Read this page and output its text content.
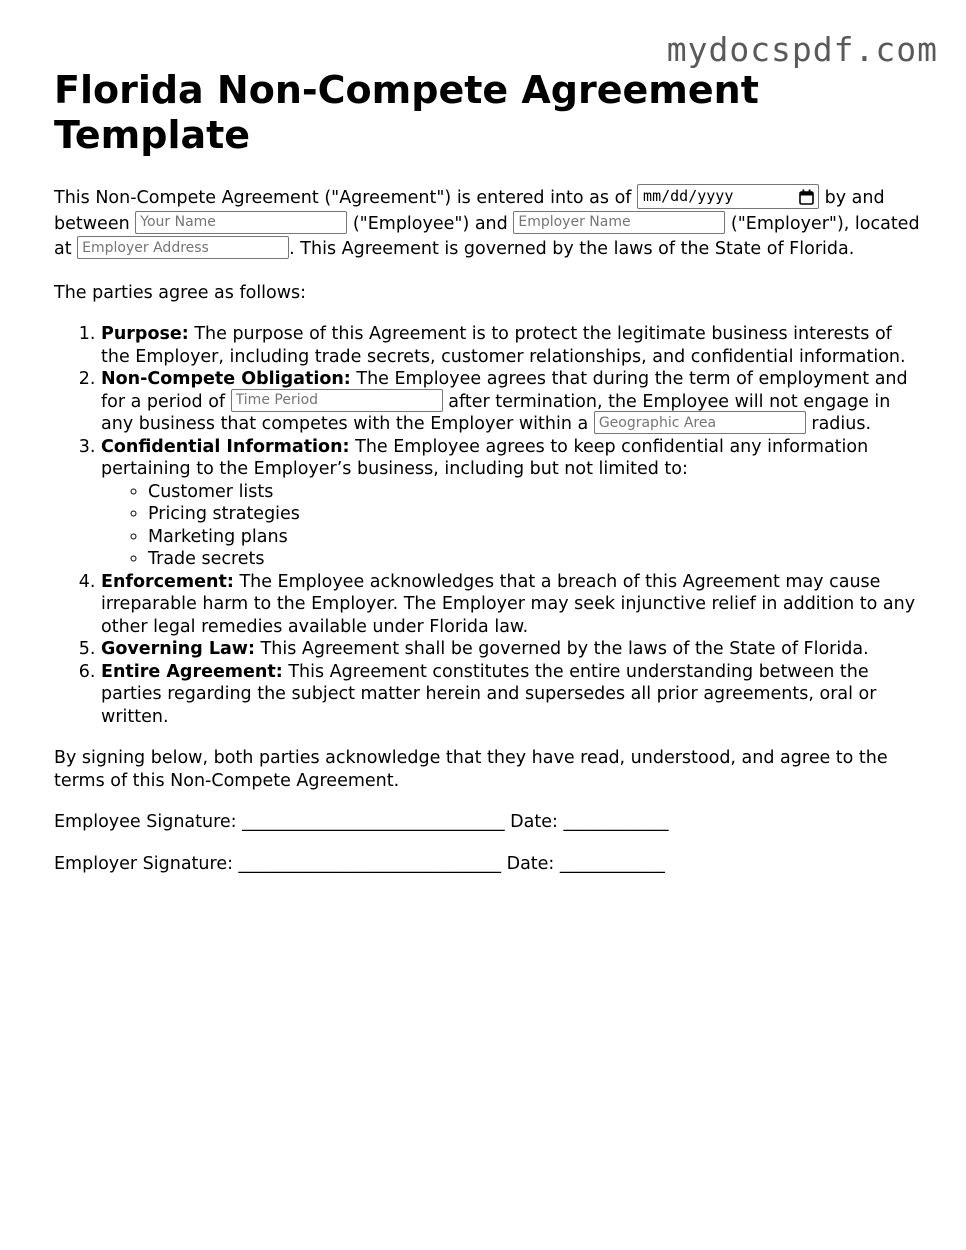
mydocspdf.com
Florida Non-Compete Agreement Template

This Non-Compete Agreement ("Agreement") is entered into as of mm/dd/yyyy	by and between Your Name	("Employee") and Employer Name	("Employer"), located at Employer Address	. This Agreement is governed by the laws of the State of Florida.

The parties agree as follows:

1. Purpose: The purpose of this Agreement is to protect the legitimate business interests of the Employer, including trade secrets, customer relationships, and confidential information.
2. Non-Compete Obligation: The Employee agrees that during the term of employment and for a period of Time Period	after termination, the Employee will not engage in any business that competes with the Employer within a Geographic Area	radius.
3. Confidential Information: The Employee agrees to keep confidential any information pertaining to the Employer’s business, including but not limited to:
◦ Customer lists
◦ Pricing strategies
◦ Marketing plans
◦ Trade secrets
4. Enforcement: The Employee acknowledges that a breach of this Agreement may cause irreparable harm to the Employer. The Employer may seek injunctive relief in addition to any other legal remedies available under Florida law.
5. Governing Law: This Agreement shall be governed by the laws of the State of Florida.
6. Entire Agreement: This Agreement constitutes the entire understanding between the parties regarding the subject matter herein and supersedes all prior agreements, oral or written.

By signing below, both parties acknowledge that they have read, understood, and agree to the terms of this Non-Compete Agreement.

Employee Signature: ______________________________ Date: ____________

Employer Signature: ______________________________ Date: ____________
